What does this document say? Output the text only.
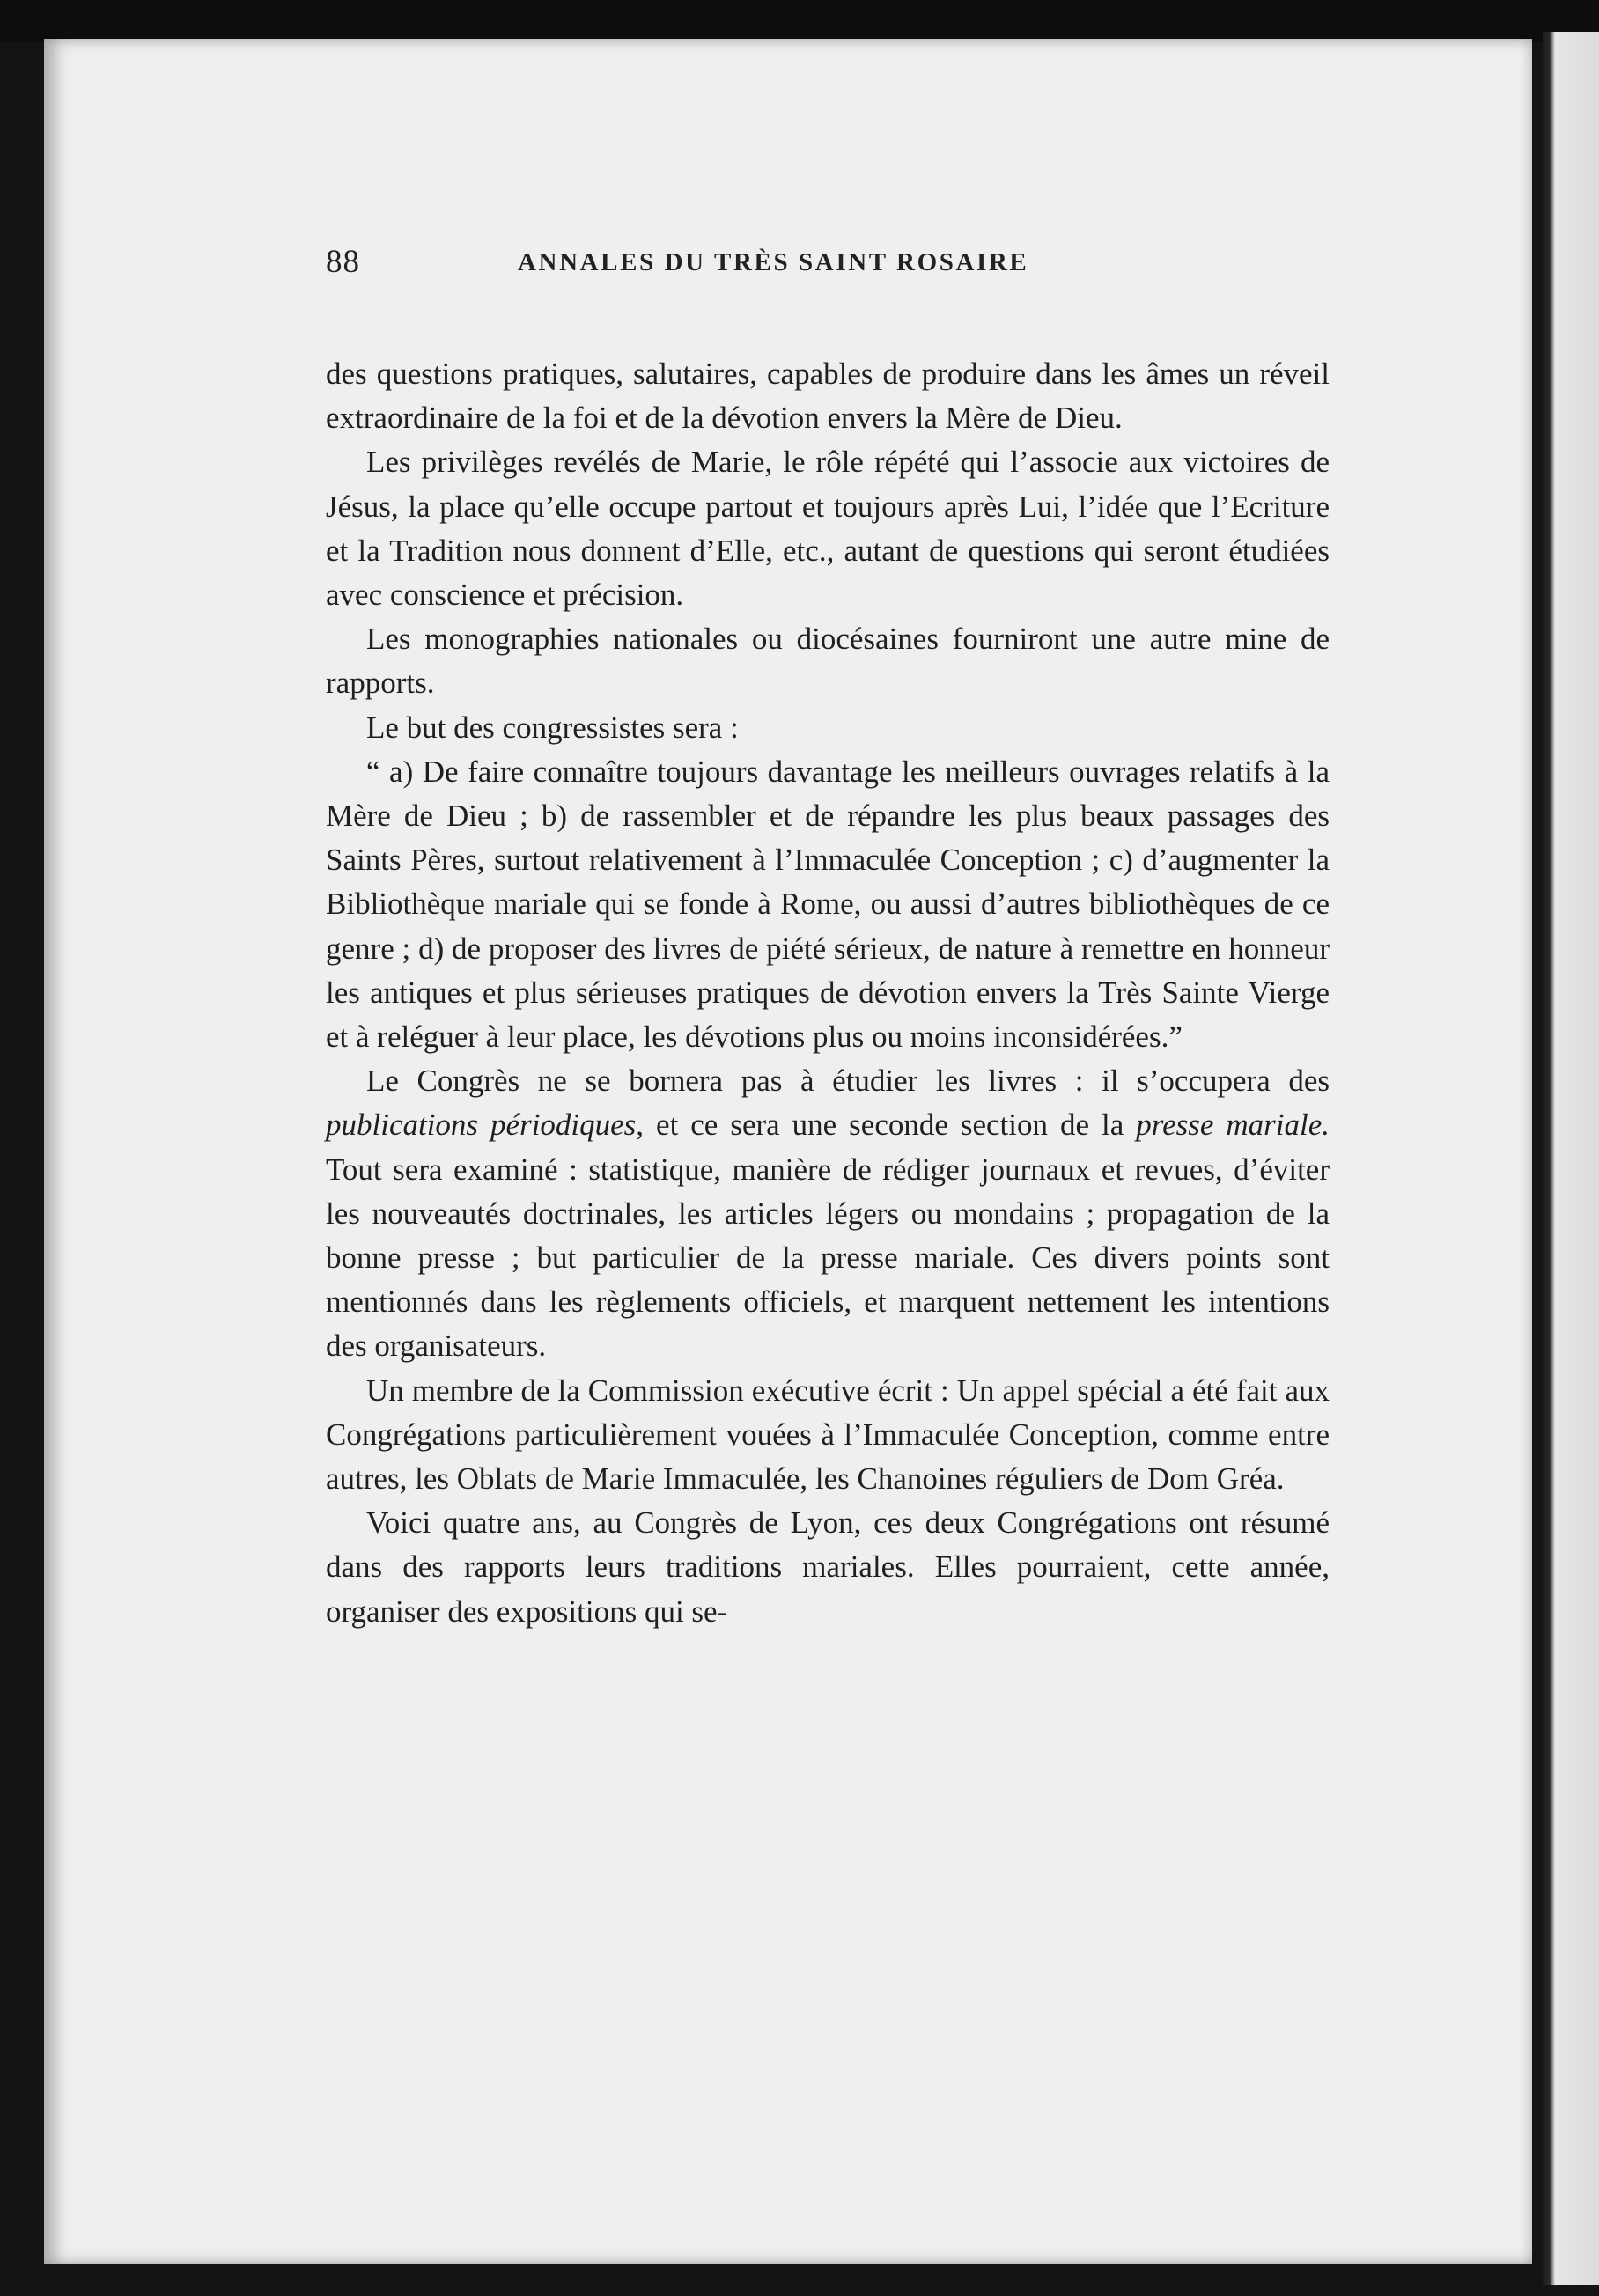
88	ANNALES DU TRÈS SAINT ROSAIRE

des questions pratiques, salutaires, capables de produire dans les âmes un réveil extraordinaire de la foi et de la dévotion envers la Mère de Dieu.

Les privilèges revélés de Marie, le rôle répété qui l’associe aux victoires de Jésus, la place qu’elle occupe partout et toujours après Lui, l’idée que l’Ecriture et la Tradition nous donnent d’Elle, etc., autant de questions qui seront étudiées avec conscience et précision.

Les monographies nationales ou diocésaines fourniront une autre mine de rapports.

Le but des congressistes sera :

“ a) De faire connaître toujours davantage les meilleurs ouvrages relatifs à la Mère de Dieu ; b) de rassembler et de répandre les plus beaux passages des Saints Pères, surtout relativement à l’Immaculée Conception ; c) d’augmenter la Bibliothèque mariale qui se fonde à Rome, ou aussi d’autres bibliothèques de ce genre ; d) de proposer des livres de piété sérieux, de nature à remettre en honneur les antiques et plus sérieuses pratiques de dévotion envers la Très Sainte Vierge et à reléguer à leur place, les dévotions plus ou moins inconsidérées.”

Le Congrès ne se bornera pas à étudier les livres : il s’occupera des publications périodiques, et ce sera une seconde section de la presse mariale. Tout sera examiné : statistique, manière de rédiger journaux et revues, d’éviter les nouveautés doctrinales, les articles légers ou mondains ; propagation de la bonne presse ; but particulier de la presse mariale. Ces divers points sont mentionnés dans les règlements officiels, et marquent nettement les intentions des organisateurs.

Un membre de la Commission exécutive écrit : Un appel spécial a été fait aux Congrégations particulièrement vouées à l’Immaculée Conception, comme entre autres, les Oblats de Marie Immaculée, les Chanoines réguliers de Dom Gréa.

Voici quatre ans, au Congrès de Lyon, ces deux Congrégations ont résumé dans des rapports leurs traditions mariales. Elles pourraient, cette année, organiser des expositions qui se-
